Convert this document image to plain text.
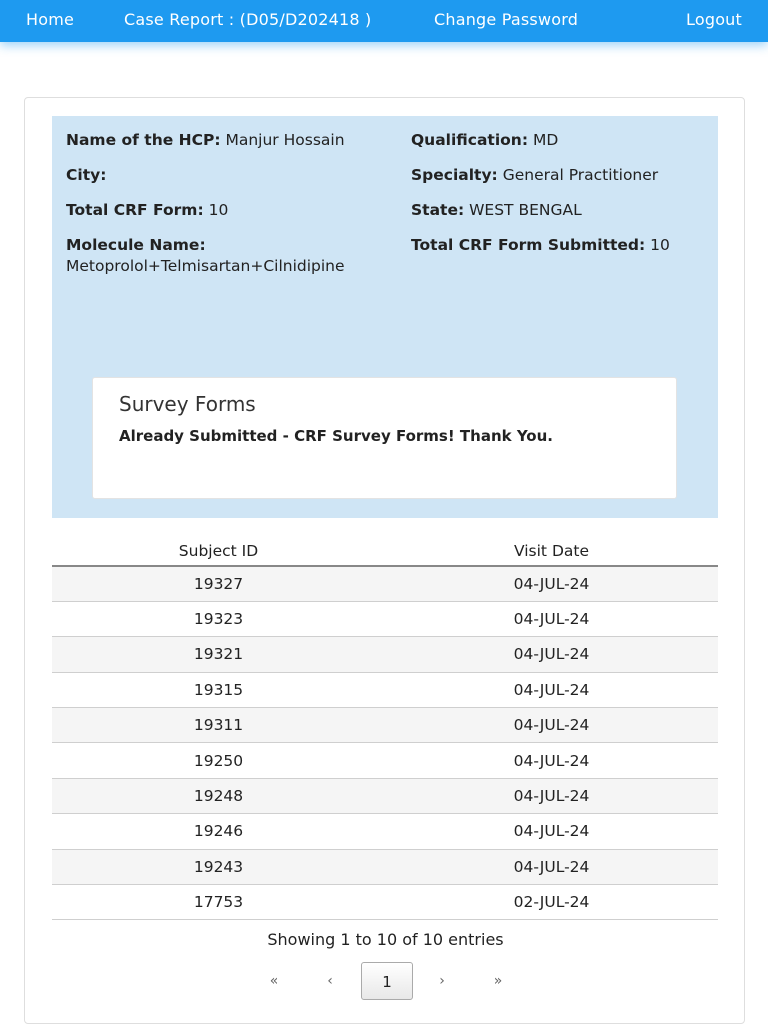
Home	Case Report : (D05/D202418 )	Change Password	Logout
Name of the HCP: Manjur Hossain
City:
Total CRF Form: 10
Molecule Name:
Metoprolol+Telmisartan+Cilnidipine
Qualification: MD
Specialty: General Practitioner
State: WEST BENGAL
Total CRF Form Submitted: 10
Survey Forms
Already Submitted - CRF Survey Forms! Thank You.
Subject ID	Visit Date
19327	04-JUL-24
19323	04-JUL-24
19321	04-JUL-24
19315	04-JUL-24
19311	04-JUL-24
19250	04-JUL-24
19248	04-JUL-24
19246	04-JUL-24
19243	04-JUL-24
17753	02-JUL-24
Showing 1 to 10 of 10 entries
«	‹	1	›	»
